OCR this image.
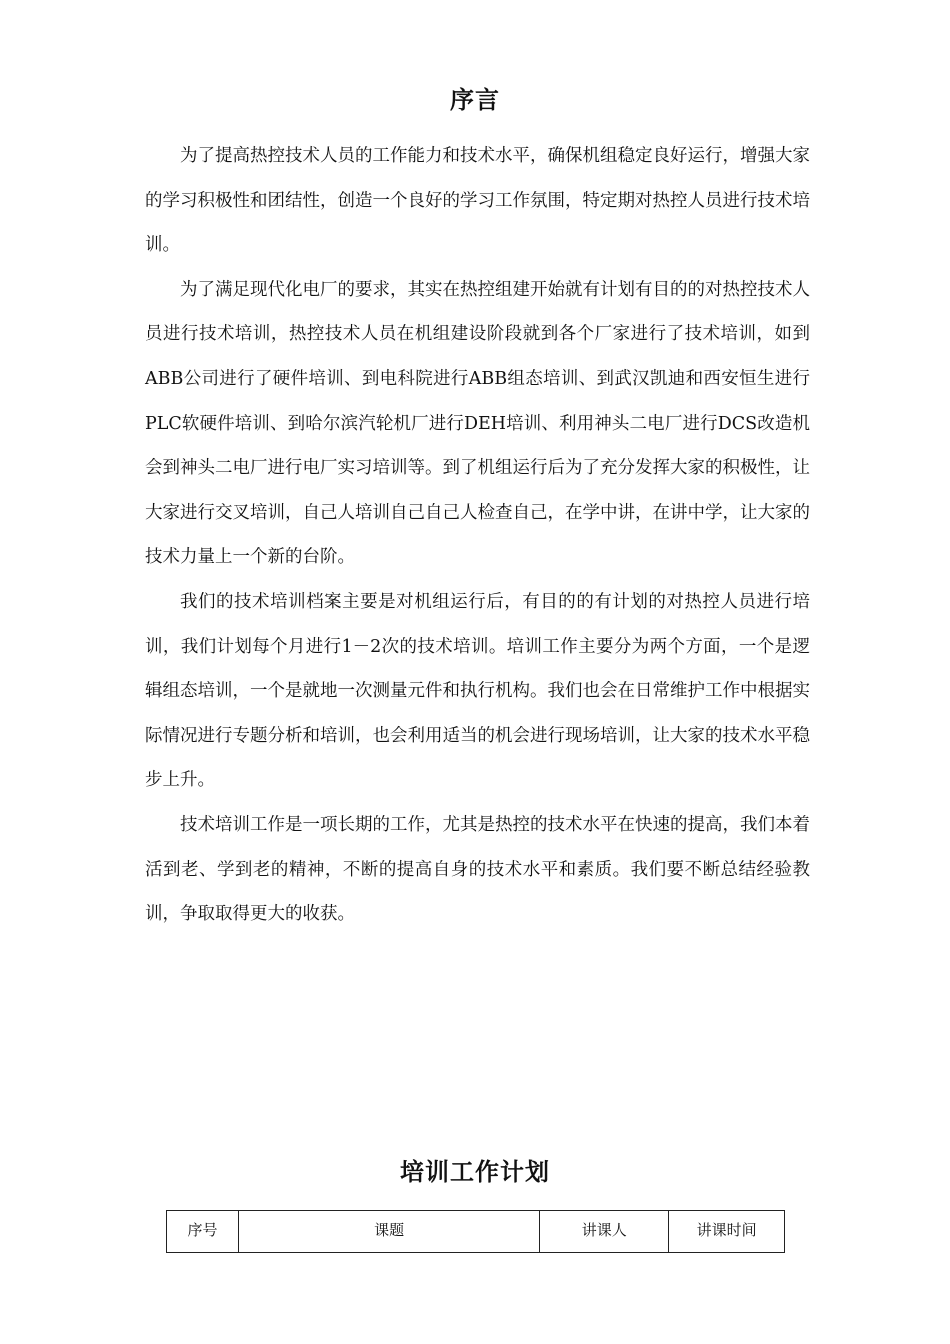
序言

为了提高热控技术人员的工作能力和技术水平，确保机组稳定良好运行，增强大家的学习积极性和团结性，创造一个良好的学习工作氛围，特定期对热控人员进行技术培训。

为了满足现代化电厂的要求，其实在热控组建开始就有计划有目的的对热控技术人员进行技术培训，热控技术人员在机组建设阶段就到各个厂家进行了技术培训，如到ABB公司进行了硬件培训、到电科院进行ABB组态培训、到武汉凯迪和西安恒生进行PLC软硬件培训、到哈尔滨汽轮机厂进行DEH培训、利用神头二电厂进行DCS改造机会到神头二电厂进行电厂实习培训等。到了机组运行后为了充分发挥大家的积极性，让大家进行交叉培训，自己人培训自己自己人检查自己，在学中讲，在讲中学，让大家的技术力量上一个新的台阶。

我们的技术培训档案主要是对机组运行后，有目的的有计划的对热控人员进行培训，我们计划每个月进行1－2次的技术培训。培训工作主要分为两个方面，一个是逻辑组态培训，一个是就地一次测量元件和执行机构。我们也会在日常维护工作中根据实际情况进行专题分析和培训，也会利用适当的机会进行现场培训，让大家的技术水平稳步上升。

技术培训工作是一项长期的工作，尤其是热控的技术水平在快速的提高，我们本着活到老、学到老的精神，不断的提高自身的技术水平和素质。我们要不断总结经验教训，争取取得更大的收获。

培训工作计划
序号	课题	讲课人	讲课时间
